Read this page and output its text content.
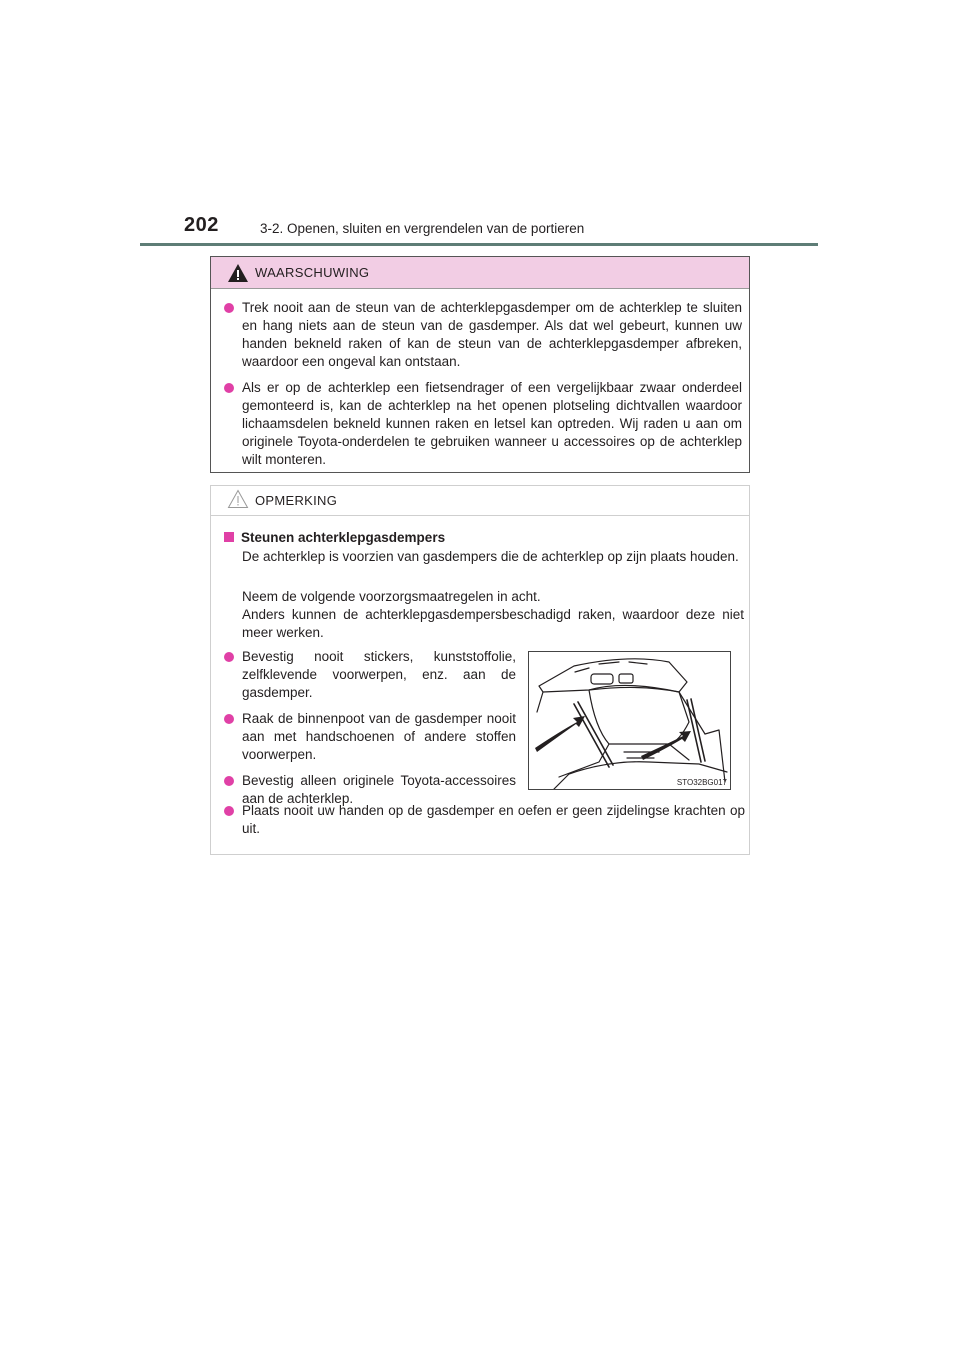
202	3-2. Openen, sluiten en vergrendelen van de portieren
WAARSCHUWING
Trek nooit aan de steun van de achterklepgasdemper om de achterklep te sluiten en hang niets aan de steun van de gasdemper. Als dat wel gebeurt, kunnen uw handen bekneld raken of kan de steun van de achterklepgasdemper afbreken, waardoor een ongeval kan ontstaan.
Als er op de achterklep een fietsendrager of een vergelijkbaar zwaar onderdeel gemonteerd is, kan de achterklep na het openen plotseling dichtvallen waardoor lichaamsdelen bekneld kunnen raken en letsel kan optreden. Wij raden u aan om originele Toyota-onderdelen te gebruiken wanneer u accessoires op de achterklep wilt monteren.
OPMERKING
Steunen achterklepgasdempers
De achterklep is voorzien van gasdempers die de achterklep op zijn plaats houden.
Neem de volgende voorzorgsmaatregelen in acht.
Anders kunnen de achterklepgasdempersbeschadigd raken, waardoor deze niet meer werken.
Bevestig nooit stickers, kunststoffolie, zelfklevende voorwerpen, enz. aan de gasdemper.
Raak de binnenpoot van de gasdemper nooit aan met handschoenen of andere stoffen voorwerpen.
Bevestig alleen originele Toyota-accessoires aan de achterklep.
STO32BG017
Plaats nooit uw handen op de gasdemper en oefen er geen zijdelingse krachten op uit.
